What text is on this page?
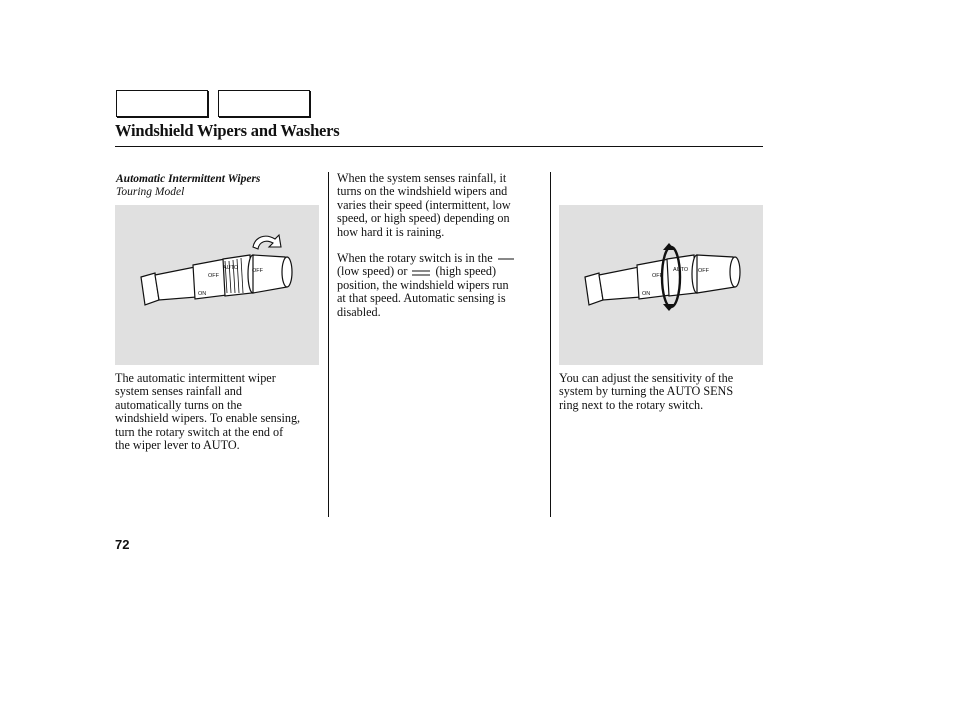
Windshield Wipers and Washers
Automatic Intermittent Wipers
Touring Model
OFF
AUTO	OFF
ON
OFF
AUTO OFF
ON
The automatic intermittent wiper
system senses rainfall and
automatically turns on the
windshield wipers. To enable sensing,
turn the rotary switch at the end of
the wiper lever to AUTO.
When the system senses rainfall, it
turns on the windshield wipers and
varies their speed (intermittent, low
speed, or high speed) depending on
how hard it is raining.
When the rotary switch is in the
(low speed) or (high speed)
position, the windshield wipers run
at that speed. Automatic sensing is
disabled.
You can adjust the sensitivity of the
system by turning the AUTO SENS
ring next to the rotary switch.
72
